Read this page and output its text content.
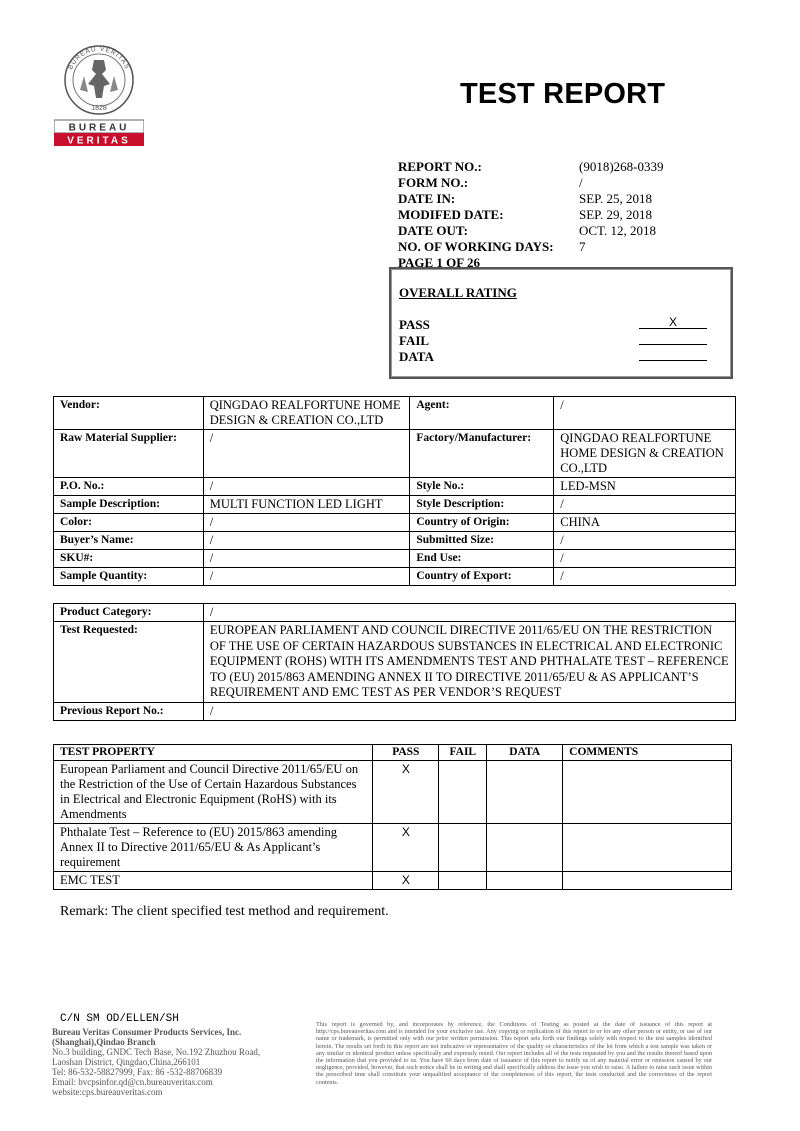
1828
BUREAU VERITAS
BUREAU
VERITAS
TEST REPORT
REPORT NO.:	(9018)268-0339
FORM NO.:	/
DATE IN:	SEP. 25, 2018
MODIFED DATE:	SEP. 29, 2018
DATE OUT:	OCT. 12, 2018
NO. OF WORKING DAYS:	7
PAGE 1 OF 26
OVERALL RATING
PASS	X
FAIL
DATA
Vendor:	QINGDAO REALFORTUNE HOME DESIGN & CREATION CO.,LTD	Agent:	/
Raw Material Supplier:	/	Factory/Manufacturer:	QINGDAO REALFORTUNE HOME DESIGN & CREATION CO.,LTD
P.O. No.:	/	Style No.:	LED-MSN
Sample Description:	MULTI FUNCTION LED LIGHT	Style Description:	/
Color:	/	Country of Origin:	CHINA
Buyer’s Name:	/	Submitted Size:	/
SKU#:	/	End Use:	/
Sample Quantity:	/	Country of Export:	/
Product Category:	/
Test Requested:	EUROPEAN PARLIAMENT AND COUNCIL DIRECTIVE 2011/65/EU ON THE RESTRICTION OF THE USE OF CERTAIN HAZARDOUS SUBSTANCES IN ELECTRICAL AND ELECTRONIC EQUIPMENT (ROHS) WITH ITS AMENDMENTS TEST AND PHTHALATE TEST – REFERENCE TO (EU) 2015/863 AMENDING ANNEX II TO DIRECTIVE 2011/65/EU & AS APPLICANT’S REQUIREMENT AND EMC TEST AS PER VENDOR’S REQUEST
Previous Report No.:	/
TEST PROPERTY	PASS	FAIL	DATA	COMMENTS
European Parliament and Council Directive 2011/65/EU on the Restriction of the Use of Certain Hazardous Substances in Electrical and Electronic Equipment (RoHS) with its Amendments	X			
Phthalate Test – Reference to (EU) 2015/863 amending Annex II to Directive 2011/65/EU & As Applicant’s requirement	X			
EMC TEST	X			
Remark: The client specified test method and requirement.
C/N SM OD/ELLEN/SH
Bureau Veritas Consumer Products Services, Inc.
(Shanghai),Qindao Branch
No.3 building, GNDC Tech Base, No.192 Zhuzhou Road,
Laoshan District, Qingdao,China,266101
Tel: 86-532-58827999, Fax: 86 -532-88706839
Email: bvcpsinfor.qd@cn.bureauveritas.com
website:cps.bureauveritas.com
This report is governed by, and incorporates by reference, the Conditions of Testing as posted at the date of issuance of this report at http://cps.bureauveritas.com and is intended for your exclusive use. Any copying or replication of this report to or for any other person or entity, or use of our name or trademark, is permitted only with our prior written permission. This report sets forth our findings solely with respect to the test samples identified herein. The results set forth in this report are not indicative or representative of the quality or characteristics of the lot from which a test sample was taken or any similar or identical product unless specifically and expressly noted. Our report includes all of the tests requested by you and the results thereof based upon the information that you provided to us. You have 60 days from date of issuance of this report to notify us of any material error or omission caused by our negligence, provided, however, that such notice shall be in writing and shall specifically address the issue you wish to raise. A failure to raise such issue within the prescribed time shall constitute your unqualified acceptance of the completeness of this report, the tests conducted and the correctness of the report contents.
